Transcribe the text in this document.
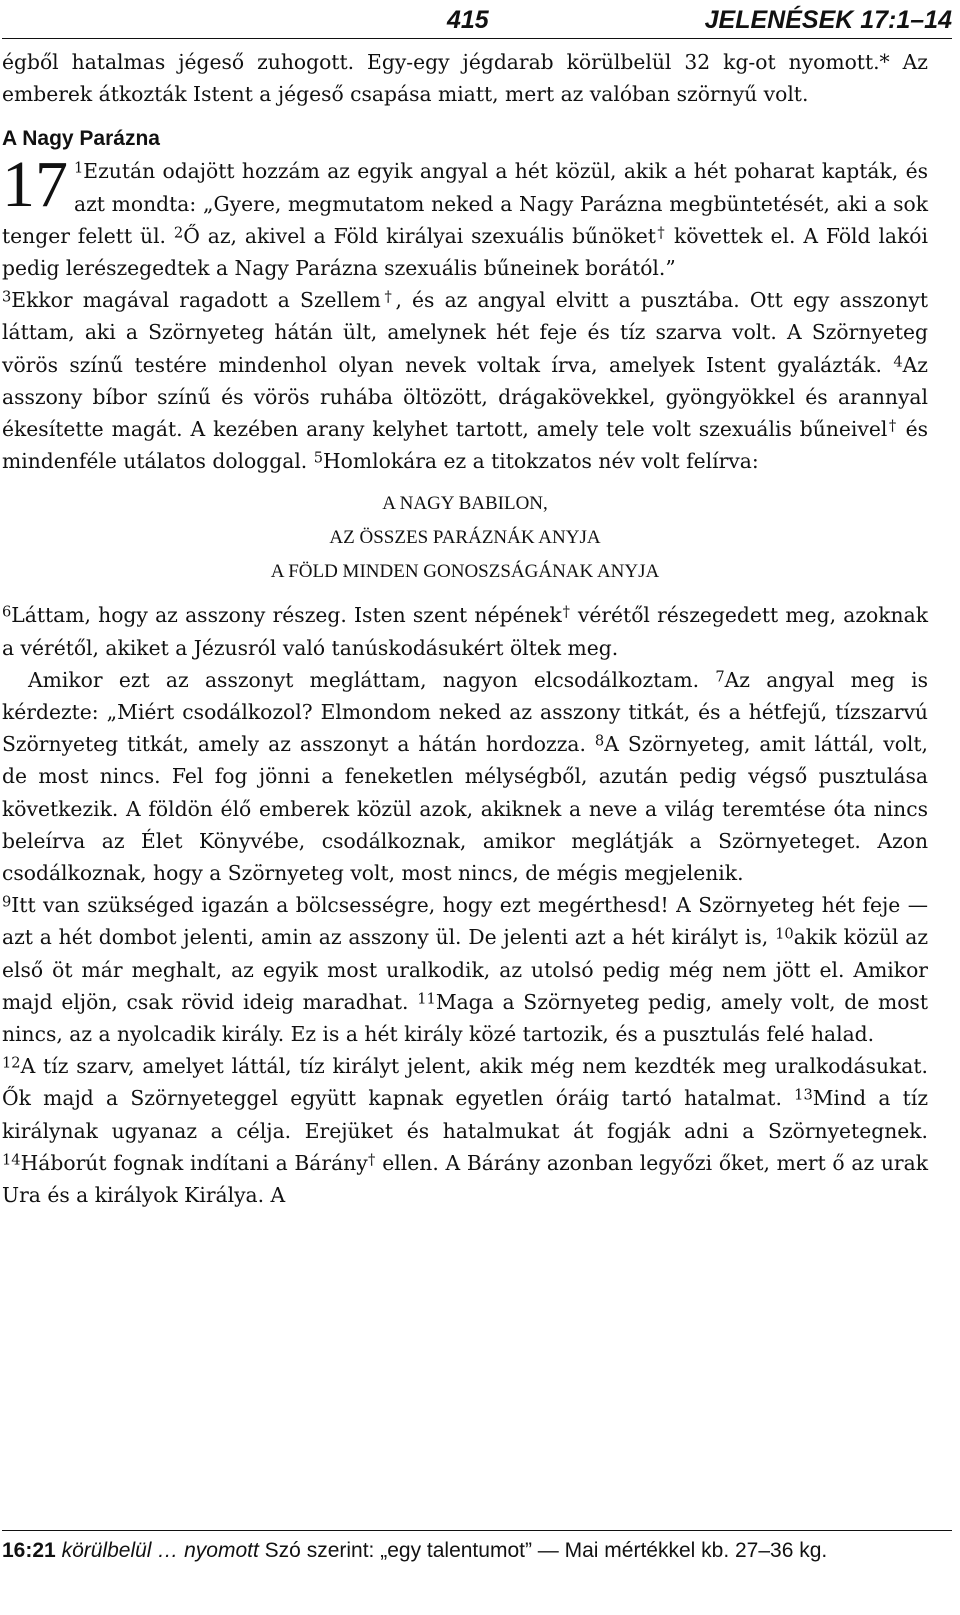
415	JELENÉSEK 17:1–14

égből hatalmas jégeső zuhogott. Egy-egy jégdarab körülbelül 32 kg-ot nyomott.* Az emberek átkozták Istent a jégeső csapása miatt, mert az valóban szörnyű volt.

A Nagy Parázna

17 $^1$Ezután odajött hozzám az egyik angyal a hét közül, akik a hét poharat kapták, és azt mondta: „Gyere, megmutatom neked a Nagy Parázna megbüntetését, aki a sok tenger felett ül. $^2$Ő az, akivel a Föld királyai szexuális bűnöket† követtek el. A Föld lakói pedig lerészegedtek a Nagy Parázna szexuális bűneinek borától.”

$^3$Ekkor magával ragadott a Szellem†, és az angyal elvitt a pusztába. Ott egy asszonyt láttam, aki a Szörnyeteg hátán ült, amelynek hét feje és tíz szarva volt. A Szörnyeteg vörös színű testére mindenhol olyan nevek voltak írva, amelyek Istent gyalázták. $^4$Az asszony bíbor színű és vörös ruhába öltözött, drágakövekkel, gyöngyökkel és arannyal ékesítette magát. A kezében arany kelyhet tartott, amely tele volt szexuális bűneivel† és mindenféle utálatos dologgal. $^5$Homlokára ez a titokzatos név volt felírva:

A NAGY BABILON,
AZ ÖSSZES PARÁZNÁK ANYJA
A FÖLD MINDEN GONOSZSÁGÁNAK ANYJA

$^6$Láttam, hogy az asszony részeg. Isten szent népének† vérétől részegedett meg, azoknak a vérétől, akiket a Jézusról való tanúskodásukért öltek meg.

Amikor ezt az asszonyt megláttam, nagyon elcsodálkoztam. $^7$Az angyal meg is kérdezte: „Miért csodálkozol? Elmondom neked az asszony titkát, és a hétfejű, tízszarvú Szörnyeteg titkát, amely az asszonyt a hátán hordozza. $^8$A Szörnyeteg, amit láttál, volt, de most nincs. Fel fog jönni a feneketlen mélységből, azután pedig végső pusztulása következik. A földön élő emberek közül azok, akiknek a neve a világ teremtése óta nincs beleírva az Élet Könyvébe, csodálkoznak, amikor meglátják a Szörnyeteget. Azon csodálkoznak, hogy a Szörnyeteg volt, most nincs, de mégis megjelenik.

$^9$Itt van szükséged igazán a bölcsességre, hogy ezt megérthesd! A Szörnyeteg hét feje — azt a hét dombot jelenti, amin az asszony ül. De jelenti azt a hét királyt is, $^{10}$akik közül az első öt már meghalt, az egyik most uralkodik, az utolsó pedig még nem jött el. Amikor majd eljön, csak rövid ideig maradhat. $^{11}$Maga a Szörnyeteg pedig, amely volt, de most nincs, az a nyolcadik király. Ez is a hét király közé tartozik, és a pusztulás felé halad.

$^{12}$A tíz szarv, amelyet láttál, tíz királyt jelent, akik még nem kezdték meg uralkodásukat. Ők majd a Szörnyeteggel együtt kapnak egyetlen óráig tartó hatalmat. $^{13}$Mind a tíz királynak ugyanaz a célja. Erejüket és hatalmukat át fogják adni a Szörnyetegnek. $^{14}$Háborút fognak indítani a Bárány† ellen. A Bárány azonban legyőzi őket, mert ő az urak Ura és a királyok Királya. A

16:21 körülbelül … nyomott Szó szerint: „egy talentumot” — Mai mértékkel kb. 27–36 kg.
